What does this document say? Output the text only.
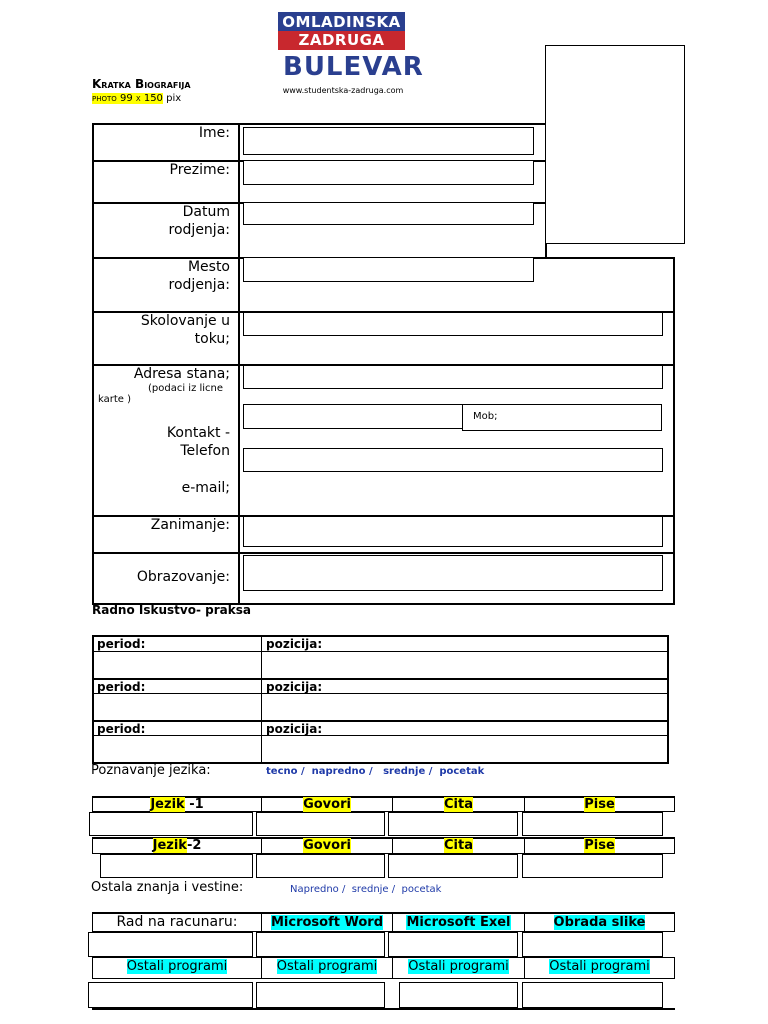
OMLADINSKA
ZADRUGA
BULEVAR
www.studentska-zadruga.com
Kratka Biografija
photo 99 x 150 pix
Ime:
Prezime:
Datum
rodjenja:
Mesto
rodjenja:
Skolovanje u
toku;
Adresa stana;
(podaci iz licne
karte )
Kontakt -
Telefon
e-mail;
Zanimanje:
Obrazovanje:
Mob;
Radno Iskustvo- praksa
period:	pozicija:
period:	pozicija:
period:	pozicija:
Poznavanje jezika:	tecno / napredno / srednje / pocetak
Jezik -1	Govori	Cita	Pise
Jezik-2	Govori	Cita	Pise
Ostala znanja i vestine:	Napredno / srednje / pocetak
Rad na racunaru:	Microsoft Word	Microsoft Exel	Obrada slike
Ostali programi	Ostali programi	Ostali programi	Ostali programi
